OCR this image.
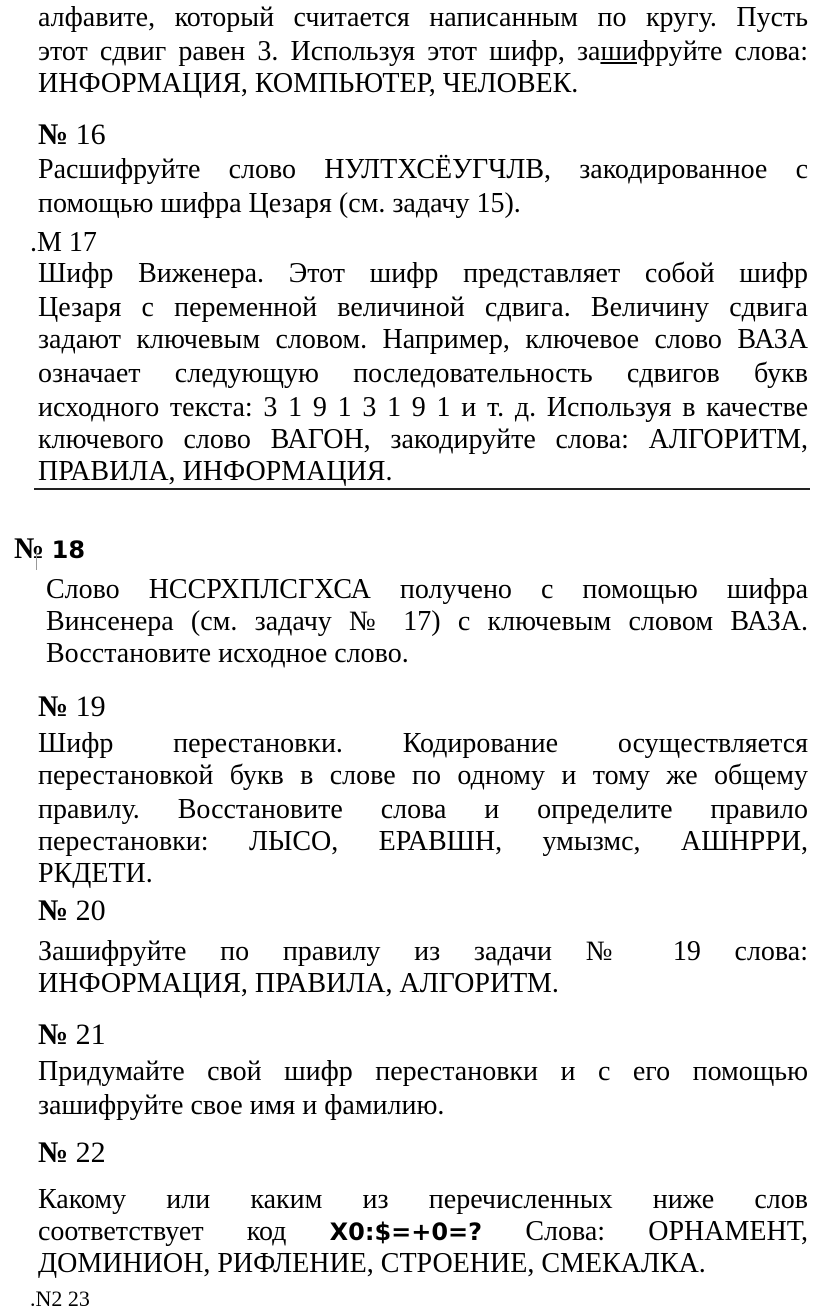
алфавите, который считается написанным по кругу. Пусть
этот сдвиг равен 3. Используя этот шифр, зашифруйте слова:
ИНФОРМАЦИЯ, КОМПЬЮТЕР, ЧЕЛОВЕК.
№ 16
Расшифруйте слово НУЛТХСЁУГЧЛВ, закодированное с
помощью шифра Цезаря (см. задачу 15).
.М 17
Шифр Виженера. Этот шифр представляет собой шифр
Цезаря с переменной величиной сдвига. Величину сдвига
задают ключевым словом. Например, ключевое слово ВАЗА
означает следующую последовательность сдвигов букв
исходного текста: 3 1 9 1 3 1 9 1 и т. д. Используя в качестве
ключевого слово ВАГОН, закодируйте слова: АЛГОРИТМ,
ПРАВИЛА, ИНФОРМАЦИЯ.
№ 18
Слово НССРХПЛСГХСА получено с помощью шифра
Винсенера (см. задачу № 17) с ключевым словом ВАЗА.
Восстановите исходное слово.
№ 19
Шифр перестановки. Кодирование осуществляется
перестановкой букв в слове по одному и тому же общему
правилу. Восстановите слова и определите правило
перестановки: ЛЫСО, ЕРАВШН, умызмс, АШНРРИ,
РКДЕТИ.
№ 20
Зашифруйте по правилу из задачи № 19 слова:
ИНФОРМАЦИЯ, ПРАВИЛА, АЛГОРИТМ.
№ 21
Придумайте свой шифр перестановки и с его помощью
зашифруйте свое имя и фамилию.
№ 22
Какому или каким из перечисленных ниже слов
соответствует код X0:$=+0=? Слова: ОРНАМЕНТ,
ДОМИНИОН, РИФЛЕНИЕ, СТРОЕНИЕ, СМЕКАЛКА.
.N2 23
